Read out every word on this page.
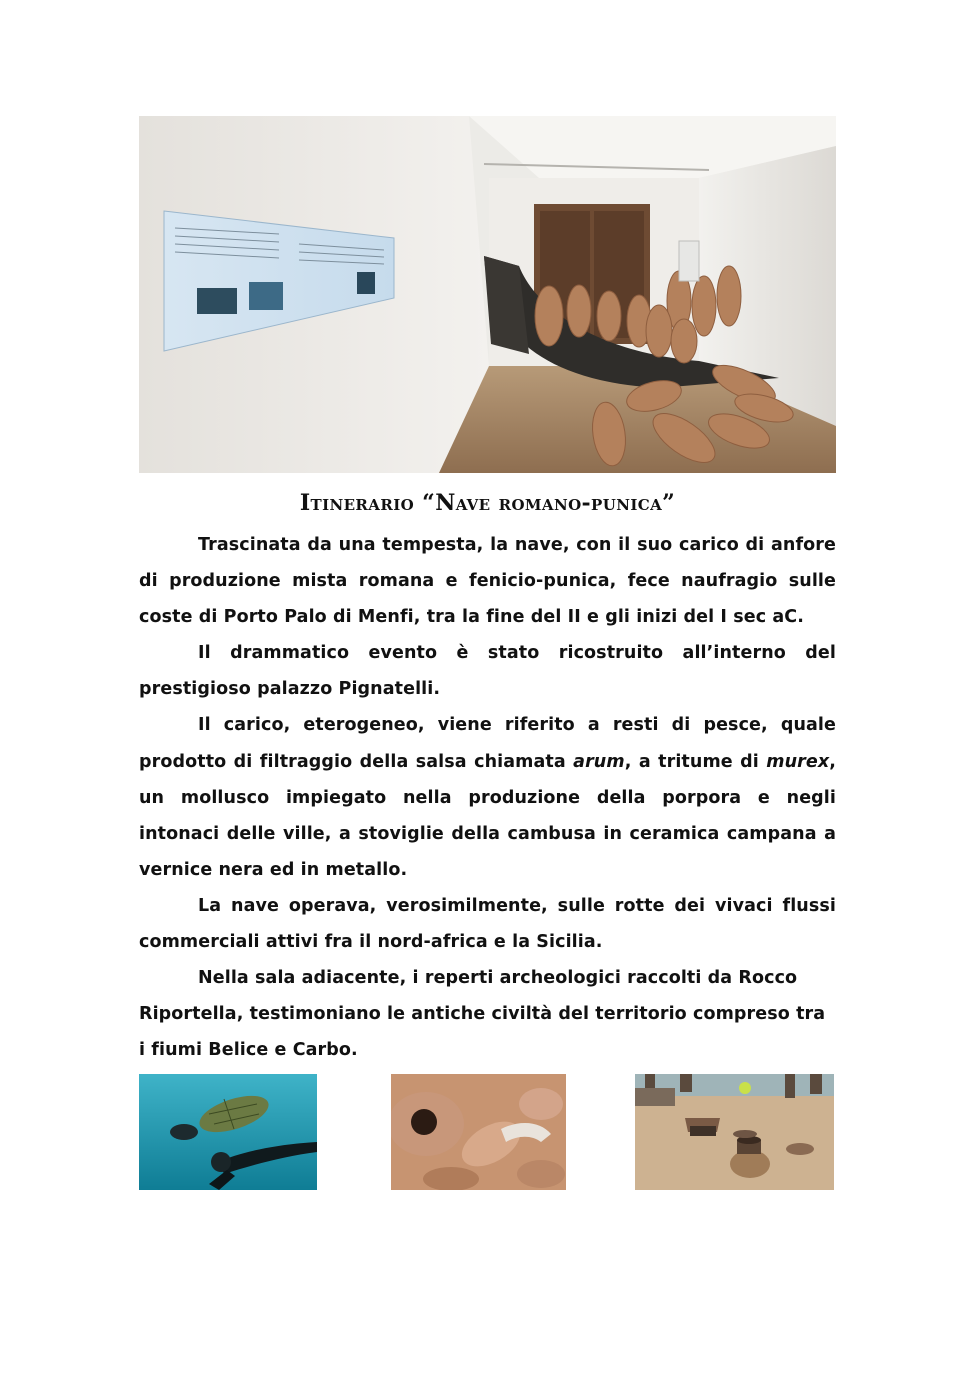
Itinerario “Nave romano-punica”

Trascinata da una tempesta, la nave, con il suo carico di anfore di produzione mista romana e fenicio-punica, fece naufragio sulle coste di Porto Palo di Menfi, tra la fine del II e gli inizi del I sec aC.

Il drammatico evento è stato ricostruito all’interno del prestigioso palazzo Pignatelli.

Il carico, eterogeneo, viene riferito a resti di pesce, quale prodotto di filtraggio della salsa chiamata arum, a tritume di murex, un mollusco impiegato nella produzione della porpora e negli intonaci delle ville, a stoviglie della cambusa in ceramica campana a vernice nera ed in metallo.

La nave operava, verosimilmente, sulle rotte dei vivaci flussi commerciali attivi fra il nord-africa e la Sicilia.

Nella sala adiacente, i reperti archeologici raccolti da Rocco Riportella, testimoniano le antiche civiltà del territorio compreso tra i fiumi Belice e Carbo.
